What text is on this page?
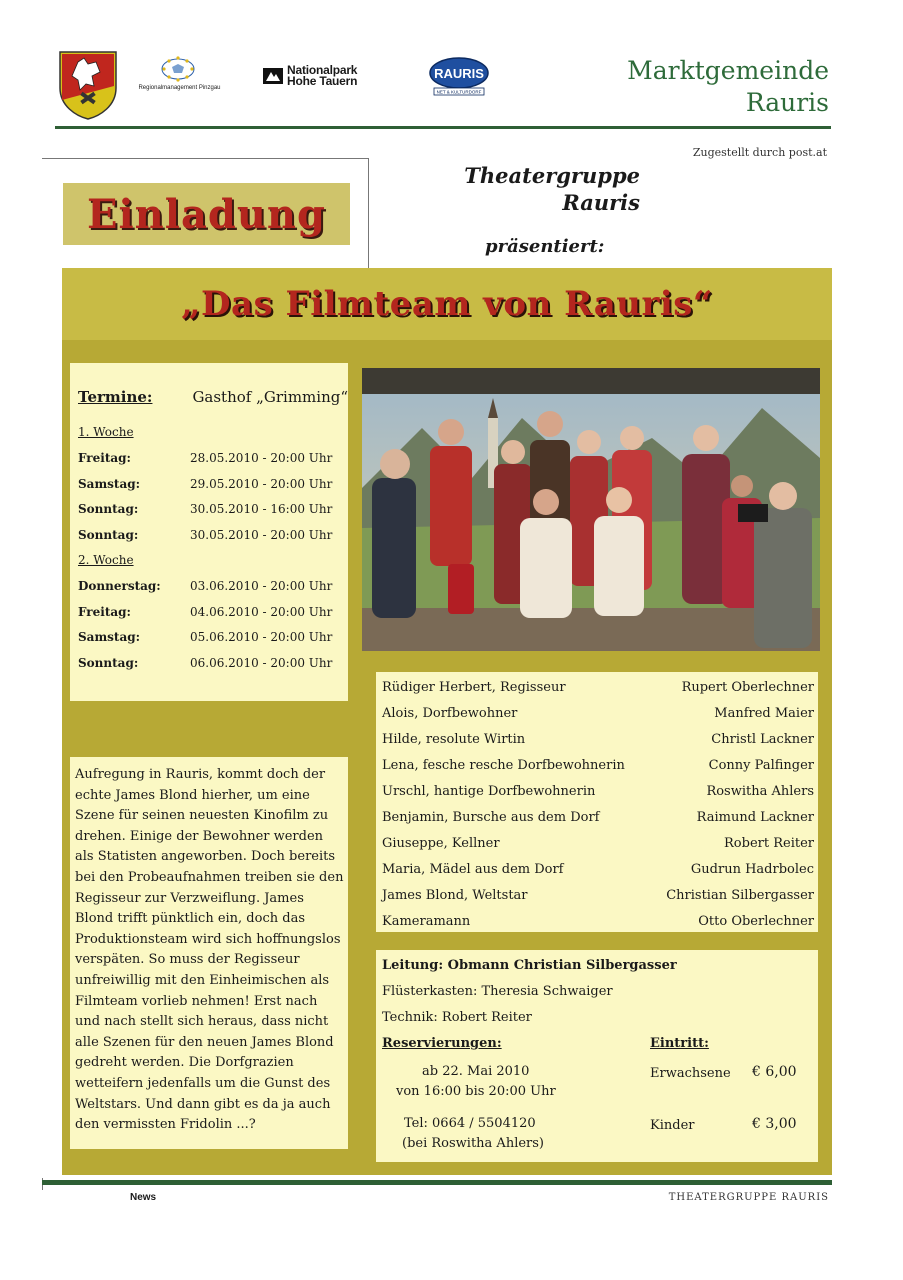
Regionalmanagement Pinzgau
Nationalpark
Hohe Tauern	RAURIS
NET & KULTURDORF
Marktgemeinde
Rauris
Zugestellt durch post.at
Einladung
Theatergruppe
Rauris
präsentiert:
„Das Filmteam von Rauris“
Termine:	Gasthof „Grimming“
1. Woche
Freitag:	28.05.2010 - 20:00 Uhr
Samstag:	29.05.2010 - 20:00 Uhr
Sonntag:	30.05.2010 - 16:00 Uhr
Sonntag:	30.05.2010 - 20:00 Uhr
2. Woche
Donnerstag:	03.06.2010 - 20:00 Uhr
Freitag:	04.06.2010 - 20:00 Uhr
Samstag:	05.06.2010 - 20:00 Uhr
Sonntag:	06.06.2010 - 20:00 Uhr
Rüdiger Herbert, Regisseur	Rupert Oberlechner
Alois, Dorfbewohner	Manfred Maier
Hilde, resolute Wirtin	Christl Lackner
Lena, fesche resche Dorfbewohnerin	Conny Palfinger
Urschl, hantige Dorfbewohnerin	Roswitha Ahlers
Benjamin, Bursche aus dem Dorf	Raimund Lackner
Giuseppe, Kellner	Robert Reiter
Maria, Mädel aus dem Dorf	Gudrun Hadrbolec
James Blond, Weltstar	Christian Silbergasser
Kameramann	Otto Oberlechner

Aufregung in Rauris, kommt doch der echte James Blond hierher, um eine Szene für seinen neuesten Kinofilm zu drehen. Einige der Bewohner werden als Statisten angeworben. Doch bereits bei den Probeaufnahmen treiben sie den Regisseur zur Verzweiflung. James Blond trifft pünktlich ein, doch das Produktionsteam wird sich hoffnungslos verspäten. So muss der Regisseur unfreiwillig mit den Einheimischen als Filmteam vorlieb nehmen! Erst nach und nach stellt sich heraus, dass nicht alle Szenen für den neuen James Blond gedreht werden. Die Dorfgrazien wetteifern jedenfalls um die Gunst des Weltstars. Und dann gibt es da ja auch den vermissten Fridolin ...?

Leitung: Obmann Christian Silbergasser
Flüsterkasten: Theresia Schwaiger
Technik: Robert Reiter
Reservierungen:
ab 22. Mai 2010
von 16:00 bis 20:00 Uhr
Tel: 0664 / 5504120
(bei Roswitha Ahlers)
Eintritt:
Erwachsene € 6,00
Kinder	€ 3,00
News	THEATERGRUPPE RAURIS
